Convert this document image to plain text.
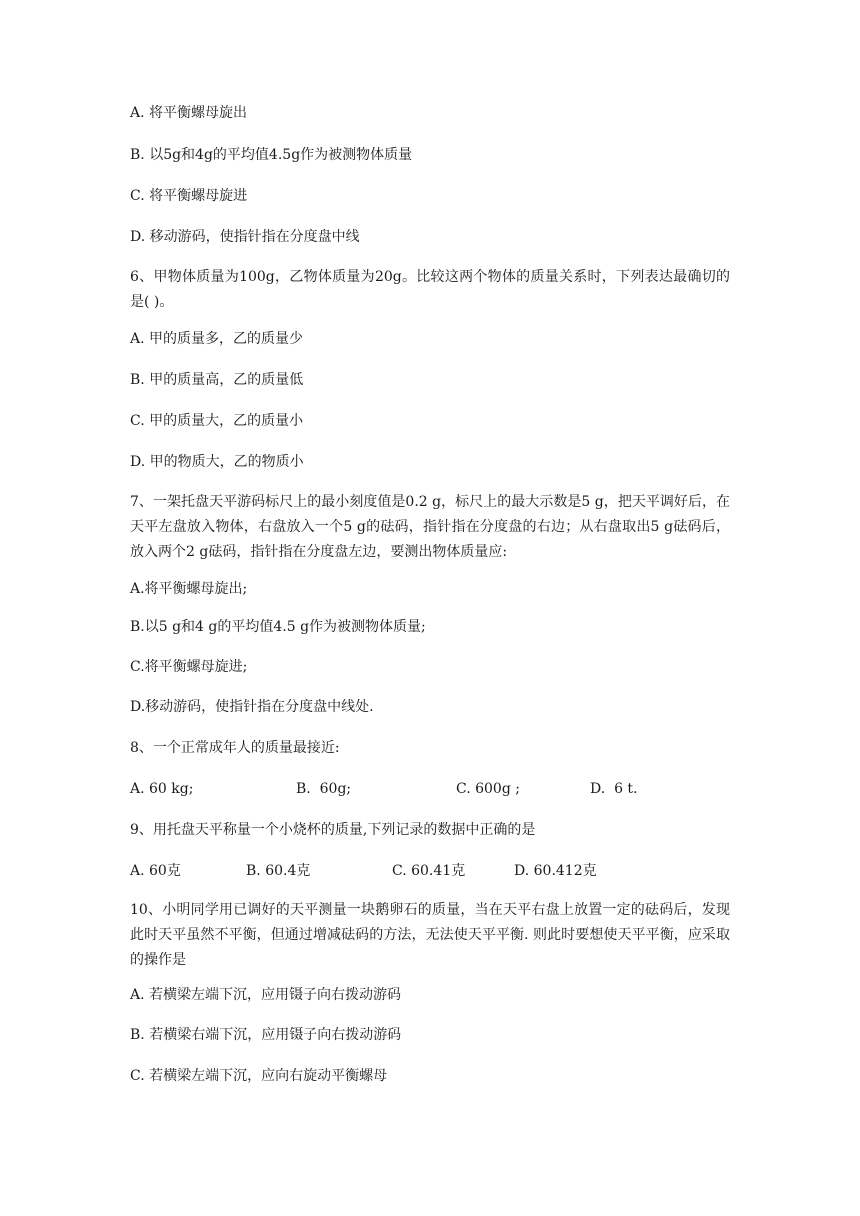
A. 将平衡螺母旋出
B. 以5g和4g的平均值4.5g作为被测物体质量
C. 将平衡螺母旋进
D. 移动游码，使指针指在分度盘中线
6、甲物体质量为100g，乙物体质量为20g。比较这两个物体的质量关系时，下列表达最确切的是( )。
A. 甲的质量多，乙的质量少
B. 甲的质量高，乙的质量低
C. 甲的质量大，乙的质量小
D. 甲的物质大，乙的物质小
7、一架托盘天平游码标尺上的最小刻度值是0.2 g，标尺上的最大示数是5 g，把天平调好后，在天平左盘放入物体，右盘放入一个5 g的砝码，指针指在分度盘的右边；从右盘取出5 g砝码后，放入两个2 g砝码，指针指在分度盘左边，要测出物体质量应:
A.将平衡螺母旋出;
B.以5 g和4 g的平均值4.5 g作为被测物体质量;
C.将平衡螺母旋进;
D.移动游码，使指针指在分度盘中线处.
8、一个正常成年人的质量最接近:
A. 60 kg;	B.  60g;	C. 600g ;	D.  6 t.
9、用托盘天平称量一个小烧杯的质量,下列记录的数据中正确的是
A. 60克	B. 60.4克	C. 60.41克	D. 60.412克
10、小明同学用已调好的天平测量一块鹅卵石的质量，当在天平右盘上放置一定的砝码后，发现此时天平虽然不平衡，但通过增减砝码的方法，无法使天平平衡. 则此时要想使天平平衡，应采取的操作是
A. 若横梁左端下沉，应用镊子向右拨动游码
B. 若横梁右端下沉，应用镊子向右拨动游码
C. 若横梁左端下沉，应向右旋动平衡螺母
